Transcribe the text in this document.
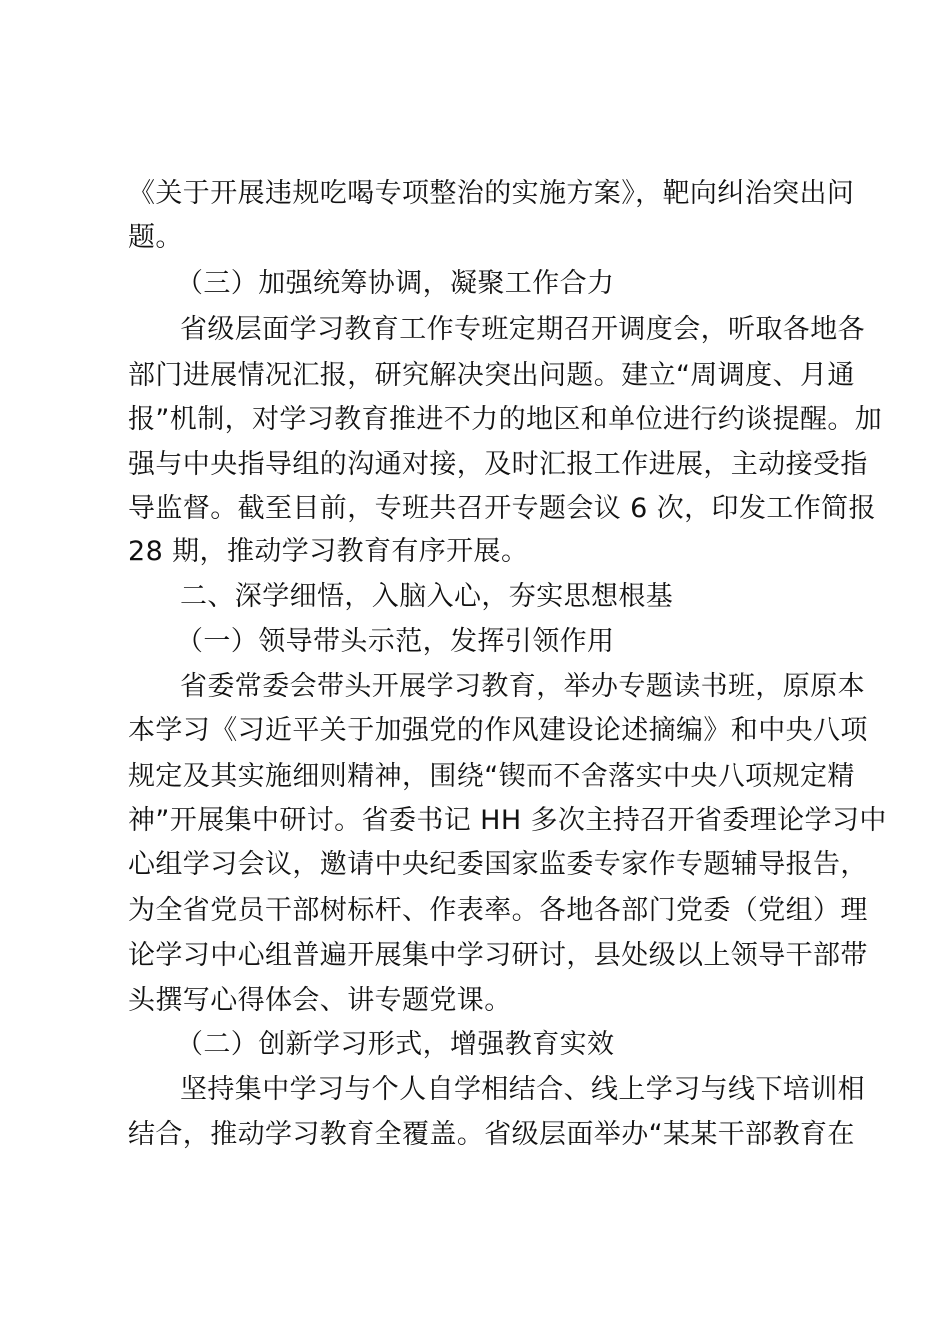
《关于开展违规吃喝专项整治的实施方案》，靶向纠治突出问
题。
（三）加强统筹协调，凝聚工作合力
省级层面学习教育工作专班定期召开调度会，听取各地各
部门进展情况汇报，研究解决突出问题。建立“周调度、月通
报”机制，对学习教育推进不力的地区和单位进行约谈提醒。加
强与中央指导组的沟通对接，及时汇报工作进展，主动接受指
导监督。截至目前，专班共召开专题会议 6 次，印发工作简报
28 期，推动学习教育有序开展。
二、深学细悟，入脑入心，夯实思想根基
（一）领导带头示范，发挥引领作用
省委常委会带头开展学习教育，举办专题读书班，原原本
本学习《习近平关于加强党的作风建设论述摘编》和中央八项
规定及其实施细则精神，围绕“锲而不舍落实中央八项规定精
神”开展集中研讨。省委书记 HH 多次主持召开省委理论学习中
心组学习会议，邀请中央纪委国家监委专家作专题辅导报告，
为全省党员干部树标杆、作表率。各地各部门党委（党组）理
论学习中心组普遍开展集中学习研讨，县处级以上领导干部带
头撰写心得体会、讲专题党课。
（二）创新学习形式，增强教育实效
坚持集中学习与个人自学相结合、线上学习与线下培训相
结合，推动学习教育全覆盖。省级层面举办“某某干部教育在
